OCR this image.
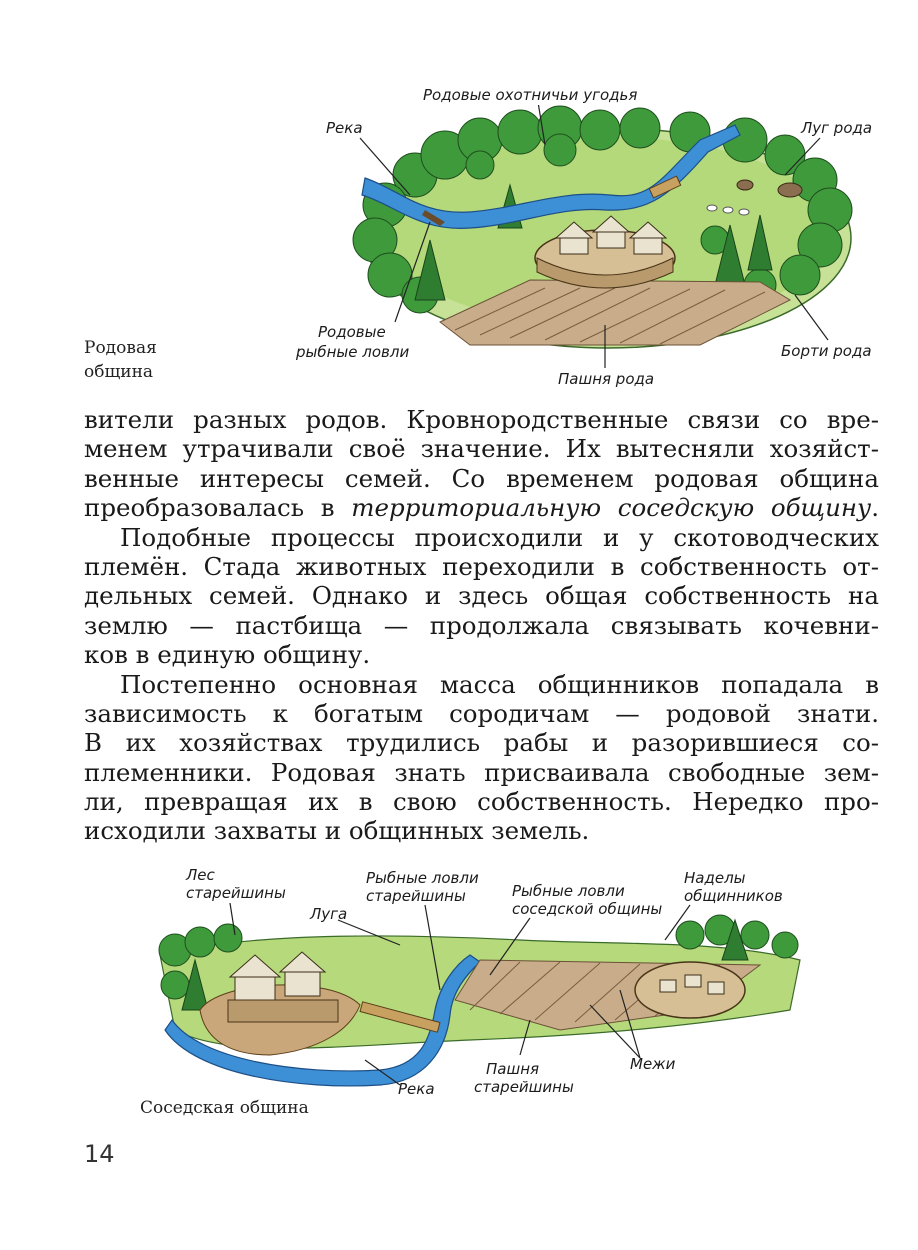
Родовые охотничьи угодья
Река	Луг рода
Родовые
рыбные ловли	Борти рода
Пашня рода
Родовая
община
вители разных родов. Кровнородственные связи со вре-
менем утрачивали своё значение. Их вытесняли хозяйст-
венные интересы семей. Со временем родовая община
преобразовалась в территориальную соседскую общину.
Подобные процессы происходили и у скотоводческих
племён. Стада животных переходили в собственность от-
дельных семей. Однако и здесь общая собственность на
землю — пастбища — продолжала связывать кочевни-
ков в единую общину.
Постепенно основная масса общинников попадала в
зависимость к богатым сородичам — родовой знати.
В их хозяйствах трудились рабы и разорившиеся со-
племенники. Родовая знать присваивала свободные зем-
ли, превращая их в свою собственность. Нередко про-
исходили захваты и общинных земель.
Лес
старейшины
Луга
Рыбные ловли
старейшины	Рыбные ловли
соседской общины
Наделы
общинников
Река
Пашня
старейшины
Межи
Соседская община
14
